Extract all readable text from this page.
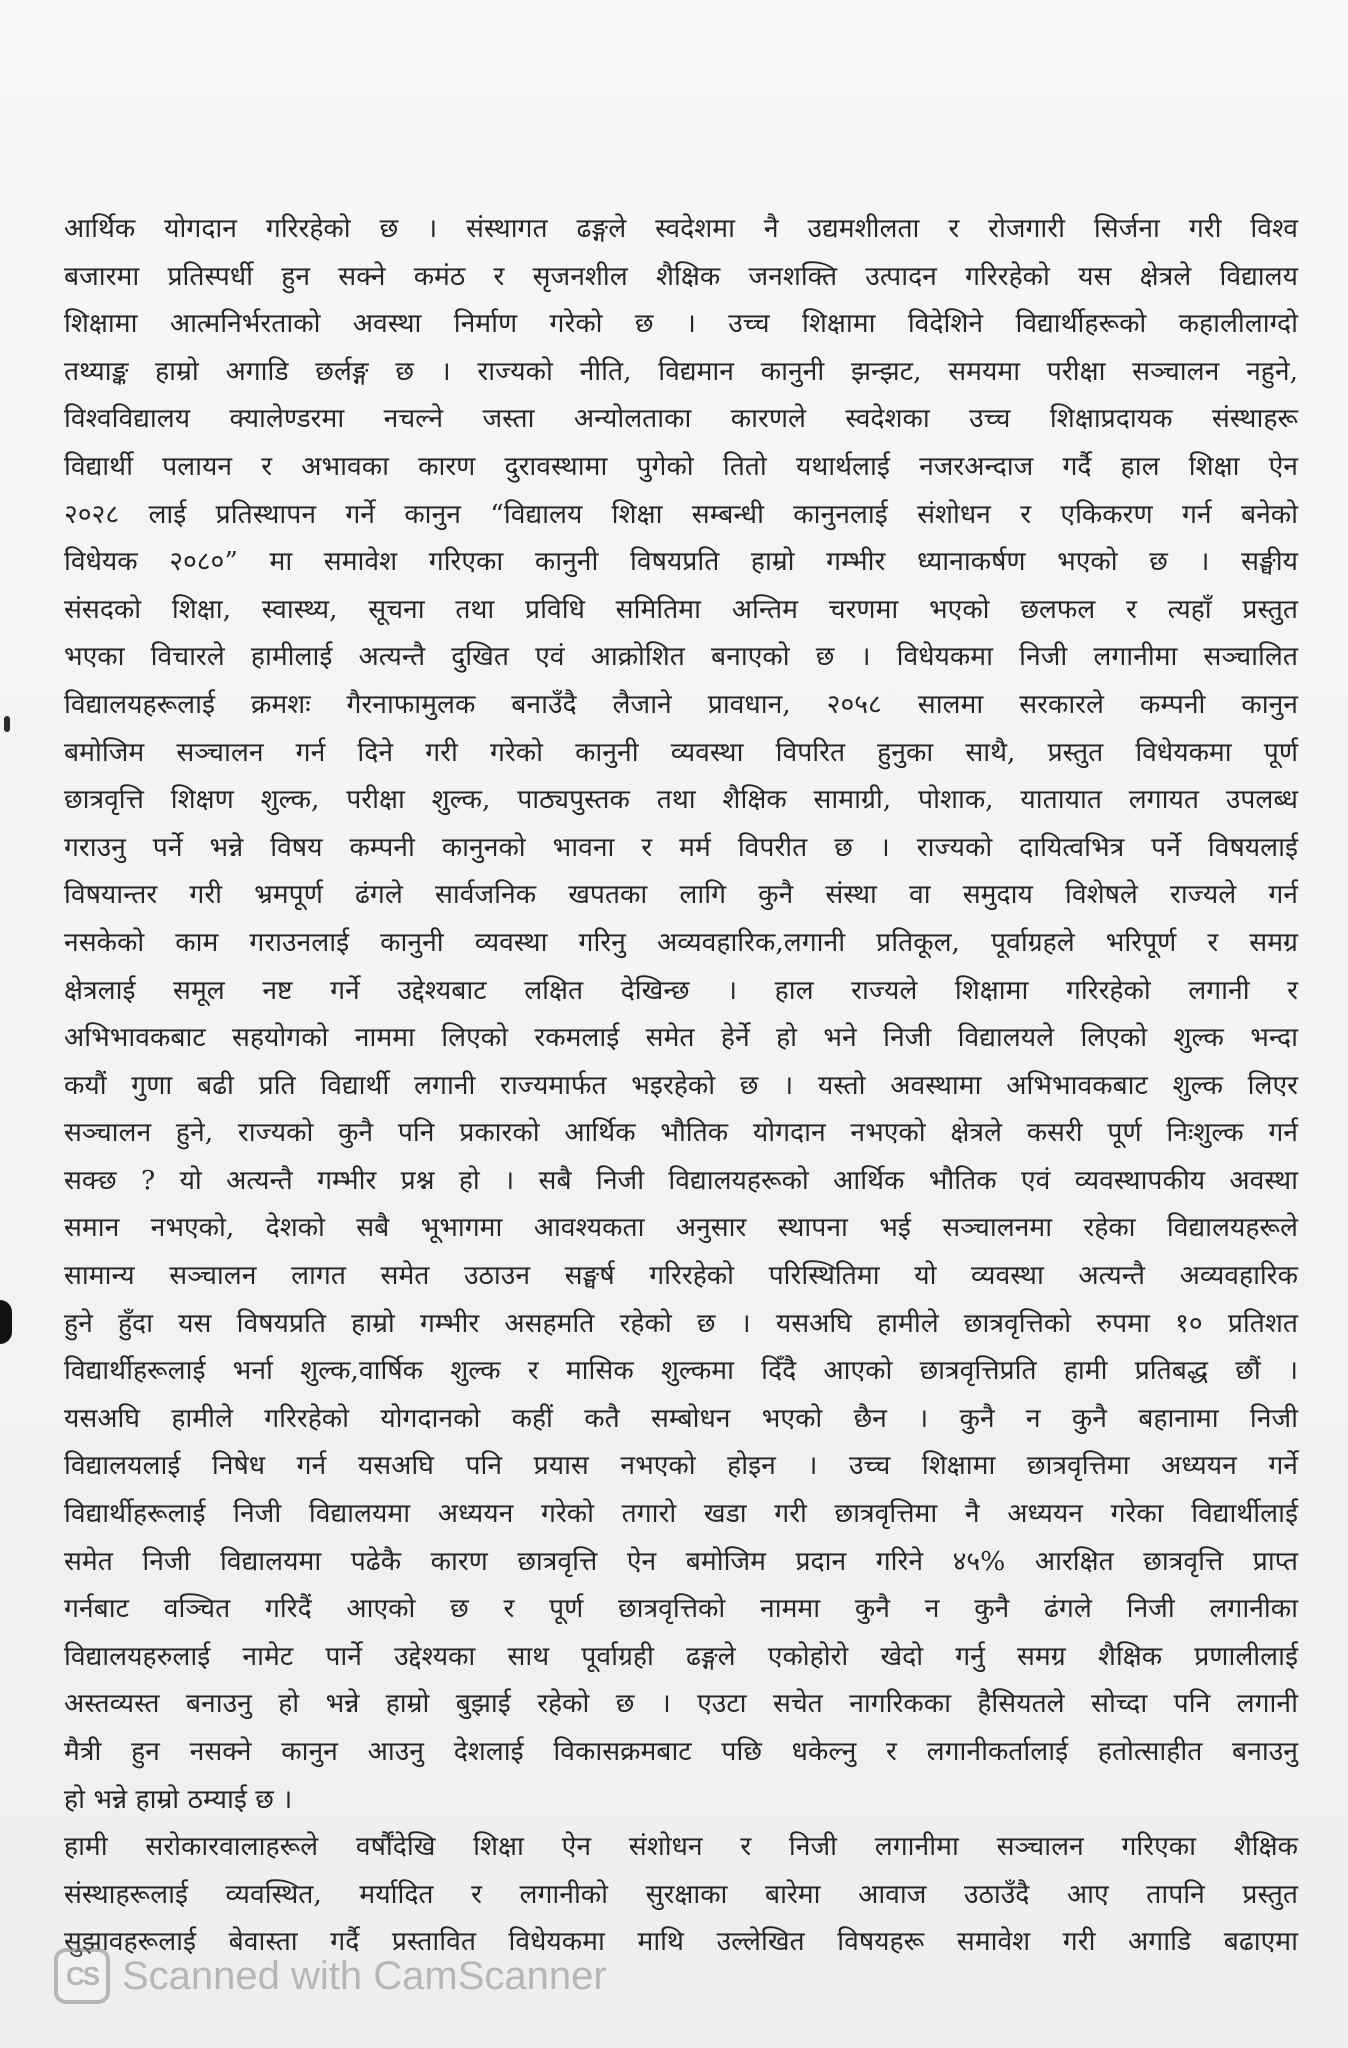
आर्थिक योगदान गरिरहेको छ । संस्थागत ढङ्गले स्वदेशमा नै उद्यमशीलता र रोजगारी सिर्जना गरी विश्व
बजारमा प्रतिस्पर्धी हुन सक्ने कमंठ र सृजनशील शैक्षिक जनशक्ति उत्पादन गरिरहेको यस क्षेत्रले विद्यालय
शिक्षामा आत्मनिर्भरताको अवस्था निर्माण गरेको छ । उच्च शिक्षामा विदेशिने विद्यार्थीहरूको कहालीलाग्दो
तथ्याङ्क हाम्रो अगाडि छर्लङ्ग छ । राज्यको नीति, विद्यमान कानुनी झन्झट, समयमा परीक्षा सञ्चालन नहुने,
विश्वविद्यालय क्यालेण्डरमा नचल्ने जस्ता अन्योलताका कारणले स्वदेशका उच्च शिक्षाप्रदायक संस्थाहरू
विद्यार्थी पलायन र अभावका कारण दुरावस्थामा पुगेको तितो यथार्थलाई नजरअन्दाज गर्दै हाल शिक्षा ऐन
२०२८ लाई प्रतिस्थापन गर्ने कानुन “विद्यालय शिक्षा सम्बन्धी कानुनलाई संशोधन र एकिकरण गर्न बनेको
विधेयक २०८०” मा समावेश गरिएका कानुनी विषयप्रति हाम्रो गम्भीर ध्यानाकर्षण भएको छ । सङ्घीय
संसदको शिक्षा, स्वास्थ्य, सूचना तथा प्रविधि समितिमा अन्तिम चरणमा भएको छलफल र त्यहाँ प्रस्तुत
भएका विचारले हामीलाई अत्यन्तै दुखित एवं आक्रोशित बनाएको छ । विधेयकमा निजी लगानीमा सञ्चालित
विद्यालयहरूलाई क्रमशः गैरनाफामुलक बनाउँदै लैजाने प्रावधान, २०५८ सालमा सरकारले कम्पनी कानुन
बमोजिम सञ्चालन गर्न दिने गरी गरेको कानुनी व्यवस्था विपरित हुनुका साथै, प्रस्तुत विधेयकमा पूर्ण
छात्रवृत्ति शिक्षण शुल्क, परीक्षा शुल्क, पाठ्यपुस्तक तथा शैक्षिक सामाग्री, पोशाक, यातायात लगायत उपलब्ध
गराउनु पर्ने भन्ने विषय कम्पनी कानुनको भावना र मर्म विपरीत छ । राज्यको दायित्वभित्र पर्ने विषयलाई
विषयान्तर गरी भ्रमपूर्ण ढंगले सार्वजनिक खपतका लागि कुनै संस्था वा समुदाय विशेषले राज्यले गर्न
नसकेको काम गराउनलाई कानुनी व्यवस्था गरिनु अव्यवहारिक,लगानी प्रतिकूल, पूर्वाग्रहले भरिपूर्ण र समग्र
क्षेत्रलाई समूल नष्ट गर्ने उद्देश्यबाट लक्षित देखिन्छ । हाल राज्यले शिक्षामा गरिरहेको लगानी र
अभिभावकबाट सहयोगको नाममा लिएको रकमलाई समेत हेर्ने हो भने निजी विद्यालयले लिएको शुल्क भन्दा
कयौं गुणा बढी प्रति विद्यार्थी लगानी राज्यमार्फत भइरहेको छ । यस्तो अवस्थामा अभिभावकबाट शुल्क लिएर
सञ्चालन हुने, राज्यको कुनै पनि प्रकारको आर्थिक भौतिक योगदान नभएको क्षेत्रले कसरी पूर्ण निःशुल्क गर्न
सक्छ ? यो अत्यन्तै गम्भीर प्रश्न हो । सबै निजी विद्यालयहरूको आर्थिक भौतिक एवं व्यवस्थापकीय अवस्था
समान नभएको, देशको सबै भूभागमा आवश्यकता अनुसार स्थापना भई सञ्चालनमा रहेका विद्यालयहरूले
सामान्य सञ्चालन लागत समेत उठाउन सङ्घर्ष गरिरहेको परिस्थितिमा यो व्यवस्था अत्यन्तै अव्यवहारिक
हुने हुँदा यस विषयप्रति हाम्रो गम्भीर असहमति रहेको छ । यसअघि हामीले छात्रवृत्तिको रुपमा १० प्रतिशत
विद्यार्थीहरूलाई भर्ना शुल्क,वार्षिक शुल्क र मासिक शुल्कमा दिँदै आएको छात्रवृत्तिप्रति हामी प्रतिबद्ध छौं ।
यसअघि हामीले गरिरहेको योगदानको कहीं कतै सम्बोधन भएको छैन । कुनै न कुनै बहानामा निजी
विद्यालयलाई निषेध गर्न यसअघि पनि प्रयास नभएको होइन । उच्च शिक्षामा छात्रवृत्तिमा अध्ययन गर्ने
विद्यार्थीहरूलाई निजी विद्यालयमा अध्ययन गरेको तगारो खडा गरी छात्रवृत्तिमा नै अध्ययन गरेका विद्यार्थीलाई
समेत निजी विद्यालयमा पढेकै कारण छात्रवृत्ति ऐन बमोजिम प्रदान गरिने ४५% आरक्षित छात्रवृत्ति प्राप्त
गर्नबाट वञ्चित गरिदैं आएको छ र पूर्ण छात्रवृत्तिको नाममा कुनै न कुनै ढंगले निजी लगानीका
विद्यालयहरुलाई नामेट पार्ने उद्देश्यका साथ पूर्वाग्रही ढङ्गले एकोहोरो खेदो गर्नु समग्र शैक्षिक प्रणालीलाई
अस्तव्यस्त बनाउनु हो भन्ने हाम्रो बुझाई रहेको छ । एउटा सचेत नागरिकका हैसियतले सोच्दा पनि लगानी
मैत्री हुन नसक्ने कानुन आउनु देशलाई विकासक्रमबाट पछि धकेल्नु र लगानीकर्तालाई हतोत्साहीत बनाउनु
हो भन्ने हाम्रो ठम्याई छ ।
हामी सरोकारवालाहरूले वर्षौंदेखि शिक्षा ऐन संशोधन र निजी लगानीमा सञ्चालन गरिएका शैक्षिक
संस्थाहरूलाई व्यवस्थित, मर्यादित र लगानीको सुरक्षाका बारेमा आवाज उठाउँदै आए तापनि प्रस्तुत
सुझावहरूलाई बेवास्ता गर्दै प्रस्तावित विधेयकमा माथि उल्लेखित विषयहरू समावेश गरी अगाडि बढाएमा
CS Scanned with CamScanner
